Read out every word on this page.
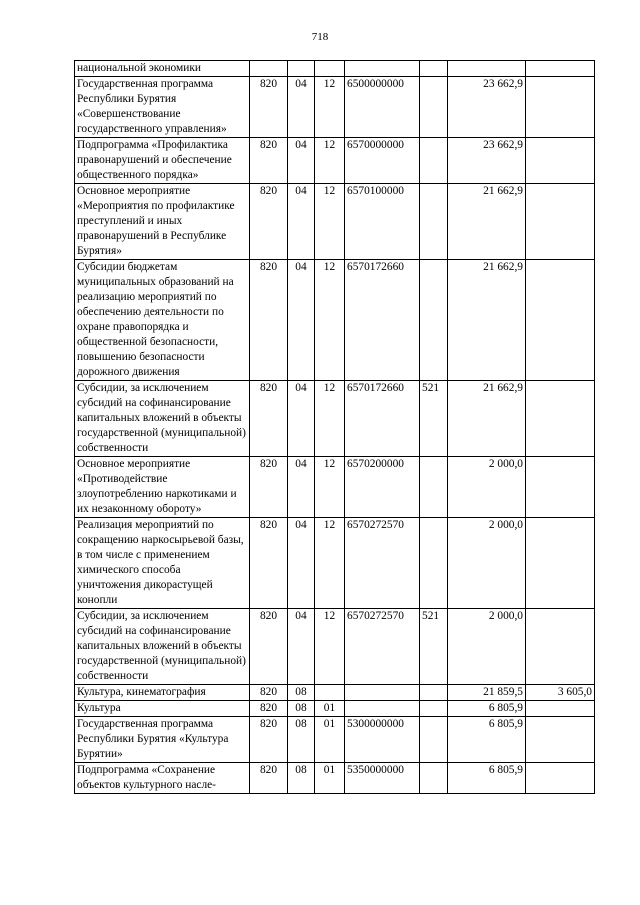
718
национальной экономики							
Государственная программа Республики Бурятия «Совершенствование государственного управления»	820	04	12	6500000000		23 662,9	
Подпрограмма «Профилактика правонарушений и обеспечение общественного порядка»	820	04	12	6570000000		23 662,9	
Основное мероприятие «Мероприятия по профилактике преступлений и иных правонарушений в Республике Бурятия»	820	04	12	6570100000		21 662,9	
Субсидии бюджетам муниципальных образований на реализацию мероприятий по обеспечению деятельности по охране правопорядка и общественной безопасности, повышению безопасности дорожного движения	820	04	12	6570172660		21 662,9	
Субсидии, за исключением субсидий на софинансирование капитальных вложений в объекты государственной (муниципальной) собственности	820	04	12	6570172660	521	21 662,9	
Основное мероприятие «Противодействие злоупотреблению наркотиками и их незаконному обороту»	820	04	12	6570200000		2 000,0	
Реализация мероприятий по сокращению наркосырьевой базы, в том числе с применением химического способа уничтожения дикорастущей конопли	820	04	12	6570272570		2 000,0	
Субсидии, за исключением субсидий на софинансирование капитальных вложений в объекты государственной (муниципальной) собственности	820	04	12	6570272570	521	2 000,0	
Культура, кинематография	820	08				21 859,5	3 605,0
Культура	820	08	01			6 805,9	
Государственная программа Республики Бурятия «Культура Бурятии»	820	08	01	5300000000		6 805,9	
Подпрограмма «Сохранение объектов культурного насле-	820	08	01	5350000000		6 805,9	
